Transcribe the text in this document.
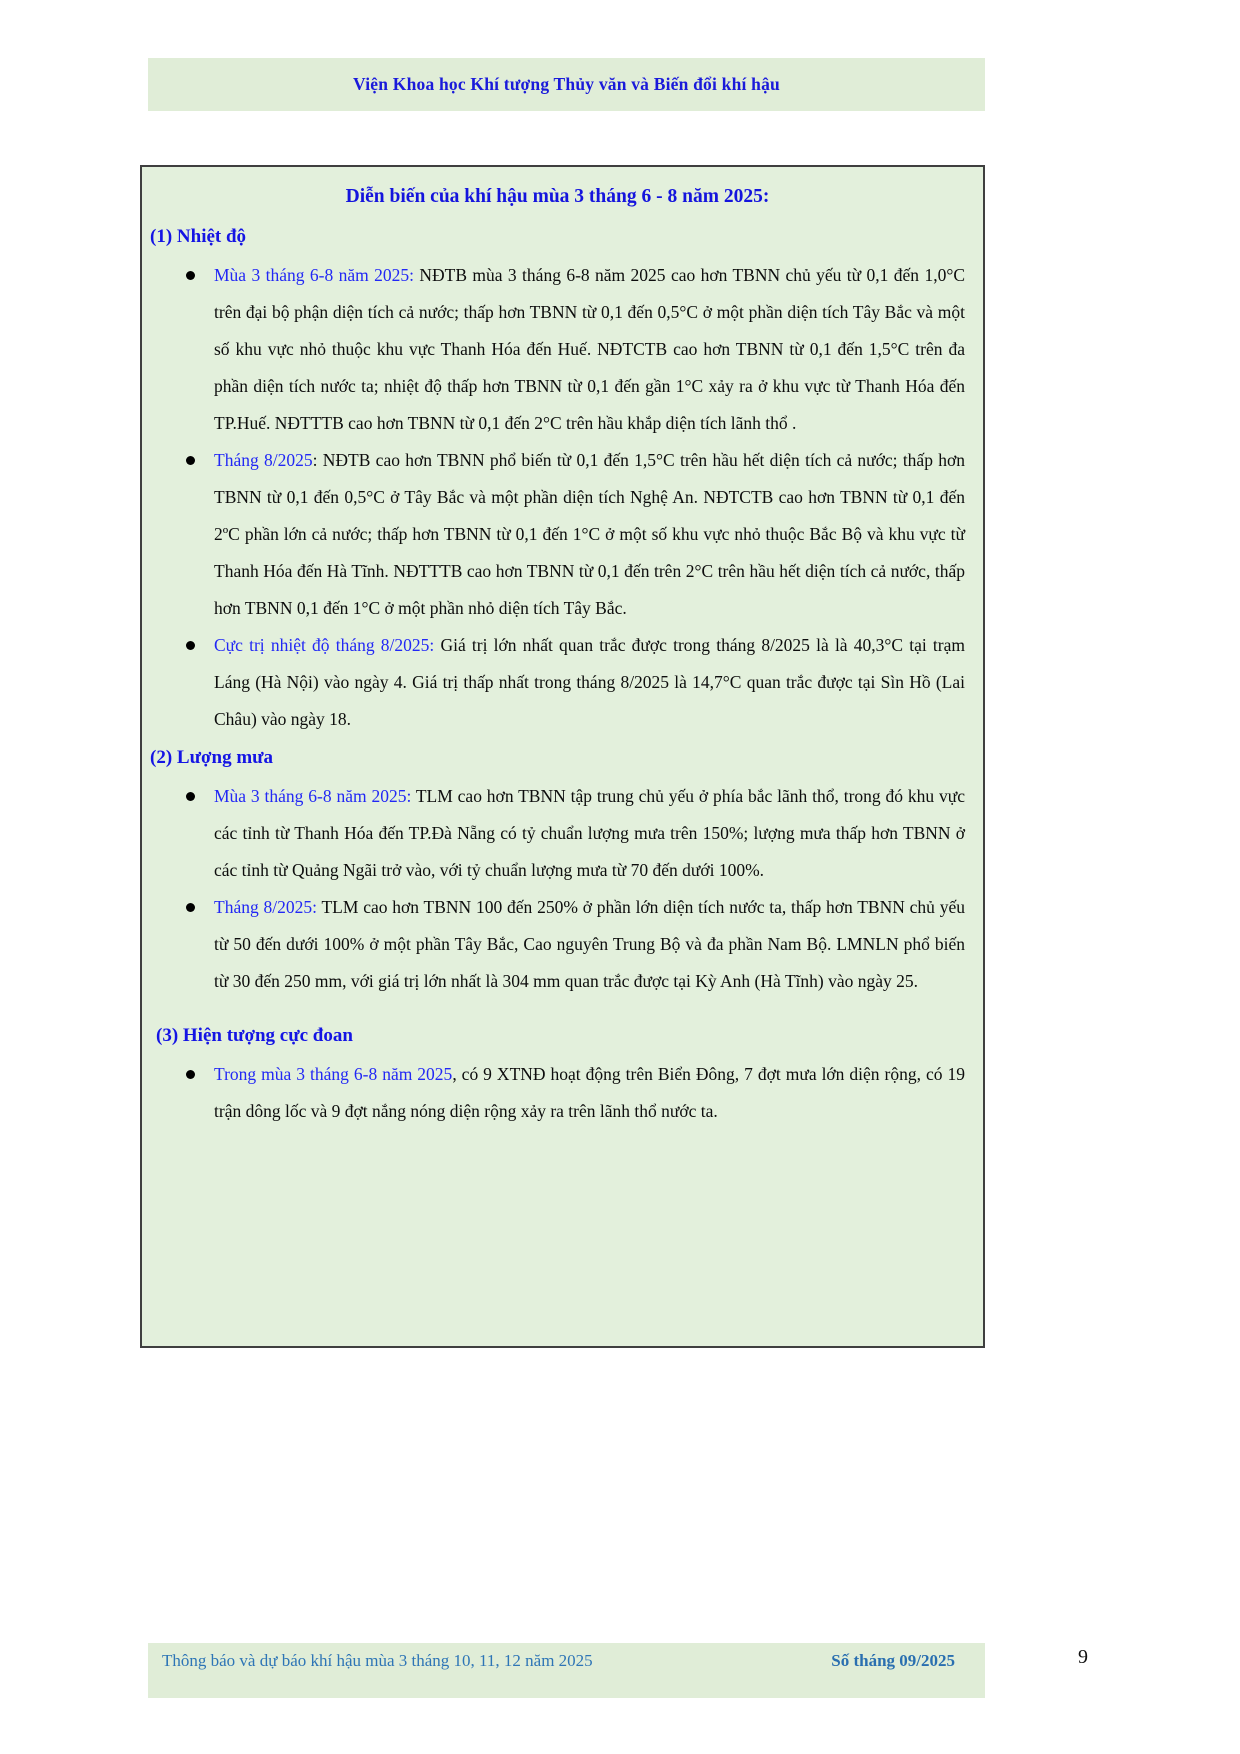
Viện Khoa học Khí tượng Thủy văn và Biến đổi khí hậu
Diễn biến của khí hậu mùa 3 tháng 6 - 8 năm 2025:
(1) Nhiệt độ
Mùa 3 tháng 6-8 năm 2025: NĐTB mùa 3 tháng 6-8 năm 2025 cao hơn TBNN chủ yếu từ 0,1 đến 1,0°C trên đại bộ phận diện tích cả nước; thấp hơn TBNN từ 0,1 đến 0,5°C ở một phần diện tích Tây Bắc và một số khu vực nhỏ thuộc khu vực Thanh Hóa đến Huế. NĐTCTB cao hơn TBNN từ 0,1 đến 1,5°C trên đa phần diện tích nước ta; nhiệt độ thấp hơn TBNN từ 0,1 đến gần 1°C xảy ra ở khu vực từ Thanh Hóa đến TP.Huế. NĐTTTB cao hơn TBNN từ 0,1 đến 2°C trên hầu khắp diện tích lãnh thổ .
Tháng 8/2025: NĐTB cao hơn TBNN phổ biến từ 0,1 đến 1,5°C trên hầu hết diện tích cả nước; thấp hơn TBNN từ 0,1 đến 0,5°C ở Tây Bắc và một phần diện tích Nghệ An. NĐTCTB cao hơn TBNN từ 0,1 đến 2ºC phần lớn cả nước; thấp hơn TBNN từ 0,1 đến 1°C ở một số khu vực nhỏ thuộc Bắc Bộ và khu vực từ Thanh Hóa đến Hà Tĩnh. NĐTTTB cao hơn TBNN từ 0,1 đến trên 2°C trên hầu hết diện tích cả nước, thấp hơn TBNN 0,1 đến 1°C ở một phần nhỏ diện tích Tây Bắc.
Cực trị nhiệt độ tháng 8/2025: Giá trị lớn nhất quan trắc được trong tháng 8/2025 là là 40,3°C tại trạm Láng (Hà Nội) vào ngày 4. Giá trị thấp nhất trong tháng 8/2025 là 14,7°C quan trắc được tại Sìn Hồ (Lai Châu) vào ngày 18.
(2) Lượng mưa
Mùa 3 tháng 6-8 năm 2025: TLM cao hơn TBNN tập trung chủ yếu ở phía bắc lãnh thổ, trong đó khu vực các tỉnh từ Thanh Hóa đến TP.Đà Nẵng có tỷ chuẩn lượng mưa trên 150%; lượng mưa thấp hơn TBNN ở các tỉnh từ Quảng Ngãi trở vào, với tỷ chuẩn lượng mưa từ 70 đến dưới 100%.
Tháng 8/2025: TLM cao hơn TBNN 100 đến 250% ở phần lớn diện tích nước ta, thấp hơn TBNN chủ yếu từ 50 đến dưới 100% ở một phần Tây Bắc, Cao nguyên Trung Bộ và đa phần Nam Bộ. LMNLN phổ biến từ 30 đến 250 mm, với giá trị lớn nhất là 304 mm quan trắc được tại Kỳ Anh (Hà Tĩnh) vào ngày 25.
(3) Hiện tượng cực đoan
Trong mùa 3 tháng 6-8 năm 2025, có 9 XTNĐ hoạt động trên Biển Đông, 7 đợt mưa lớn diện rộng, có 19 trận dông lốc và 9 đợt nắng nóng diện rộng xảy ra trên lãnh thổ nước ta.
Thông báo và dự báo khí hậu mùa 3 tháng 10, 11, 12 năm 2025	Số tháng 09/2025	9
